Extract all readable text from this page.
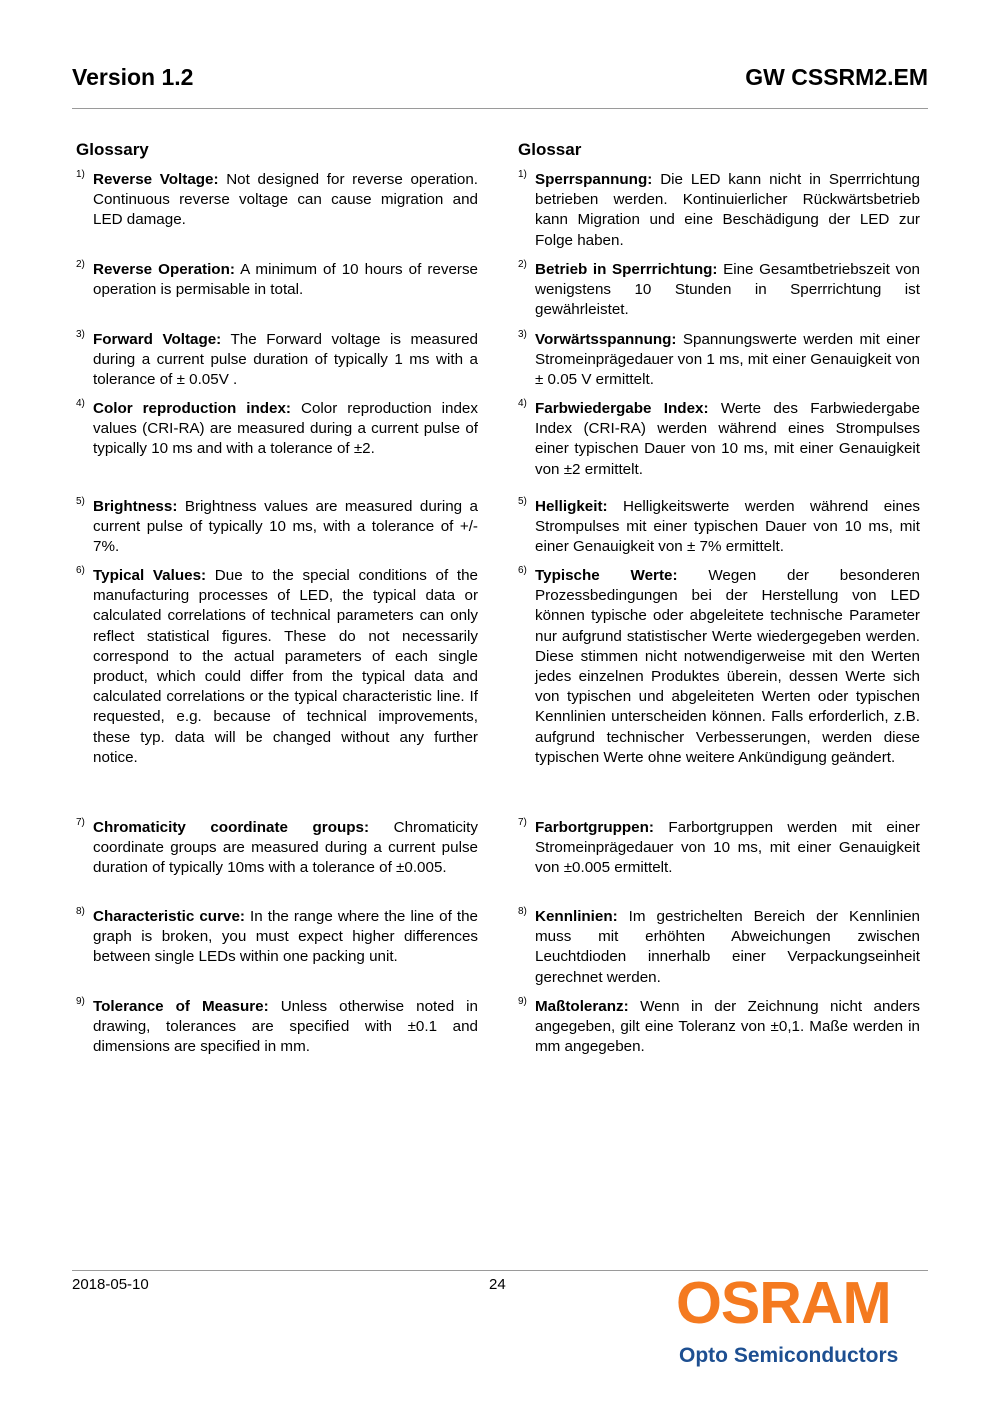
Version 1.2	GW CSSRM2.EM
Glossary
1) Reverse Voltage: Not designed for reverse operation. Continuous reverse voltage can cause migration and LED damage.
2) Reverse Operation: A minimum of 10 hours of reverse operation is permisable in total.
3) Forward Voltage: The Forward voltage is measured during a current pulse duration of typically 1 ms with a tolerance of ± 0.05V .
4) Color reproduction index: Color reproduction index values (CRI-RA) are measured during a current pulse of typically 10 ms and with a tolerance of ±2.
5) Brightness: Brightness values are measured during a current pulse of typically 10 ms, with a tolerance of +/- 7%.
6) Typical Values: Due to the special conditions of the manufacturing processes of LED, the typical data or calculated correlations of technical parameters can only reflect statistical figures. These do not necessarily correspond to the actual parameters of each single product, which could differ from the typical data and calculated correlations or the typical characteristic line. If requested, e.g. because of technical improvements, these typ. data will be changed without any further notice.
7) Chromaticity coordinate groups: Chromaticity coordinate groups are measured during a current pulse duration of typically 10ms with a tolerance of ±0.005.
8) Characteristic curve: In the range where the line of the graph is broken, you must expect higher differences between single LEDs within one packing unit.
9) Tolerance of Measure: Unless otherwise noted in drawing, tolerances are specified with ±0.1 and dimensions are specified in mm.
Glossar
1) Sperrspannung: Die LED kann nicht in Sperrrichtung betrieben werden. Kontinuierlicher Rückwärtsbetrieb kann Migration und eine Beschädigung der LED zur Folge haben.
2) Betrieb in Sperrrichtung: Eine Gesamtbetriebszeit von wenigstens 10 Stunden in Sperrrichtung ist gewährleistet.
3) Vorwärtsspannung: Spannungswerte werden mit einer Stromeinprägedauer von 1 ms, mit einer Genauigkeit von ± 0.05 V ermittelt.
4) Farbwiedergabe Index: Werte des Farbwiedergabe Index (CRI-RA) werden während eines Strompulses einer typischen Dauer von 10 ms, mit einer Genauigkeit von ±2 ermittelt.
5) Helligkeit: Helligkeitswerte werden während eines Strompulses mit einer typischen Dauer von 10 ms, mit einer Genauigkeit von ± 7% ermittelt.
6) Typische Werte: Wegen der besonderen Prozessbedingungen bei der Herstellung von LED können typische oder abgeleitete technische Parameter nur aufgrund statistischer Werte wiedergegeben werden. Diese stimmen nicht notwendigerweise mit den Werten jedes einzelnen Produktes überein, dessen Werte sich von typischen und abgeleiteten Werten oder typischen Kennlinien unterscheiden können. Falls erforderlich, z.B. aufgrund technischer Verbesserungen, werden diese typischen Werte ohne weitere Ankündigung geändert.
7) Farbortgruppen: Farbortgruppen werden mit einer Stromeinprägedauer von 10 ms, mit einer Genauigkeit von ±0.005 ermittelt.
8) Kennlinien: Im gestrichelten Bereich der Kennlinien muss mit erhöhten Abweichungen zwischen Leuchtdioden innerhalb einer Verpackungseinheit gerechnet werden.
9) Maßtoleranz: Wenn in der Zeichnung nicht anders angegeben, gilt eine Toleranz von ±0,1. Maße werden in mm angegeben.
2018-05-10	24	OSRAM
Opto Semiconductors
